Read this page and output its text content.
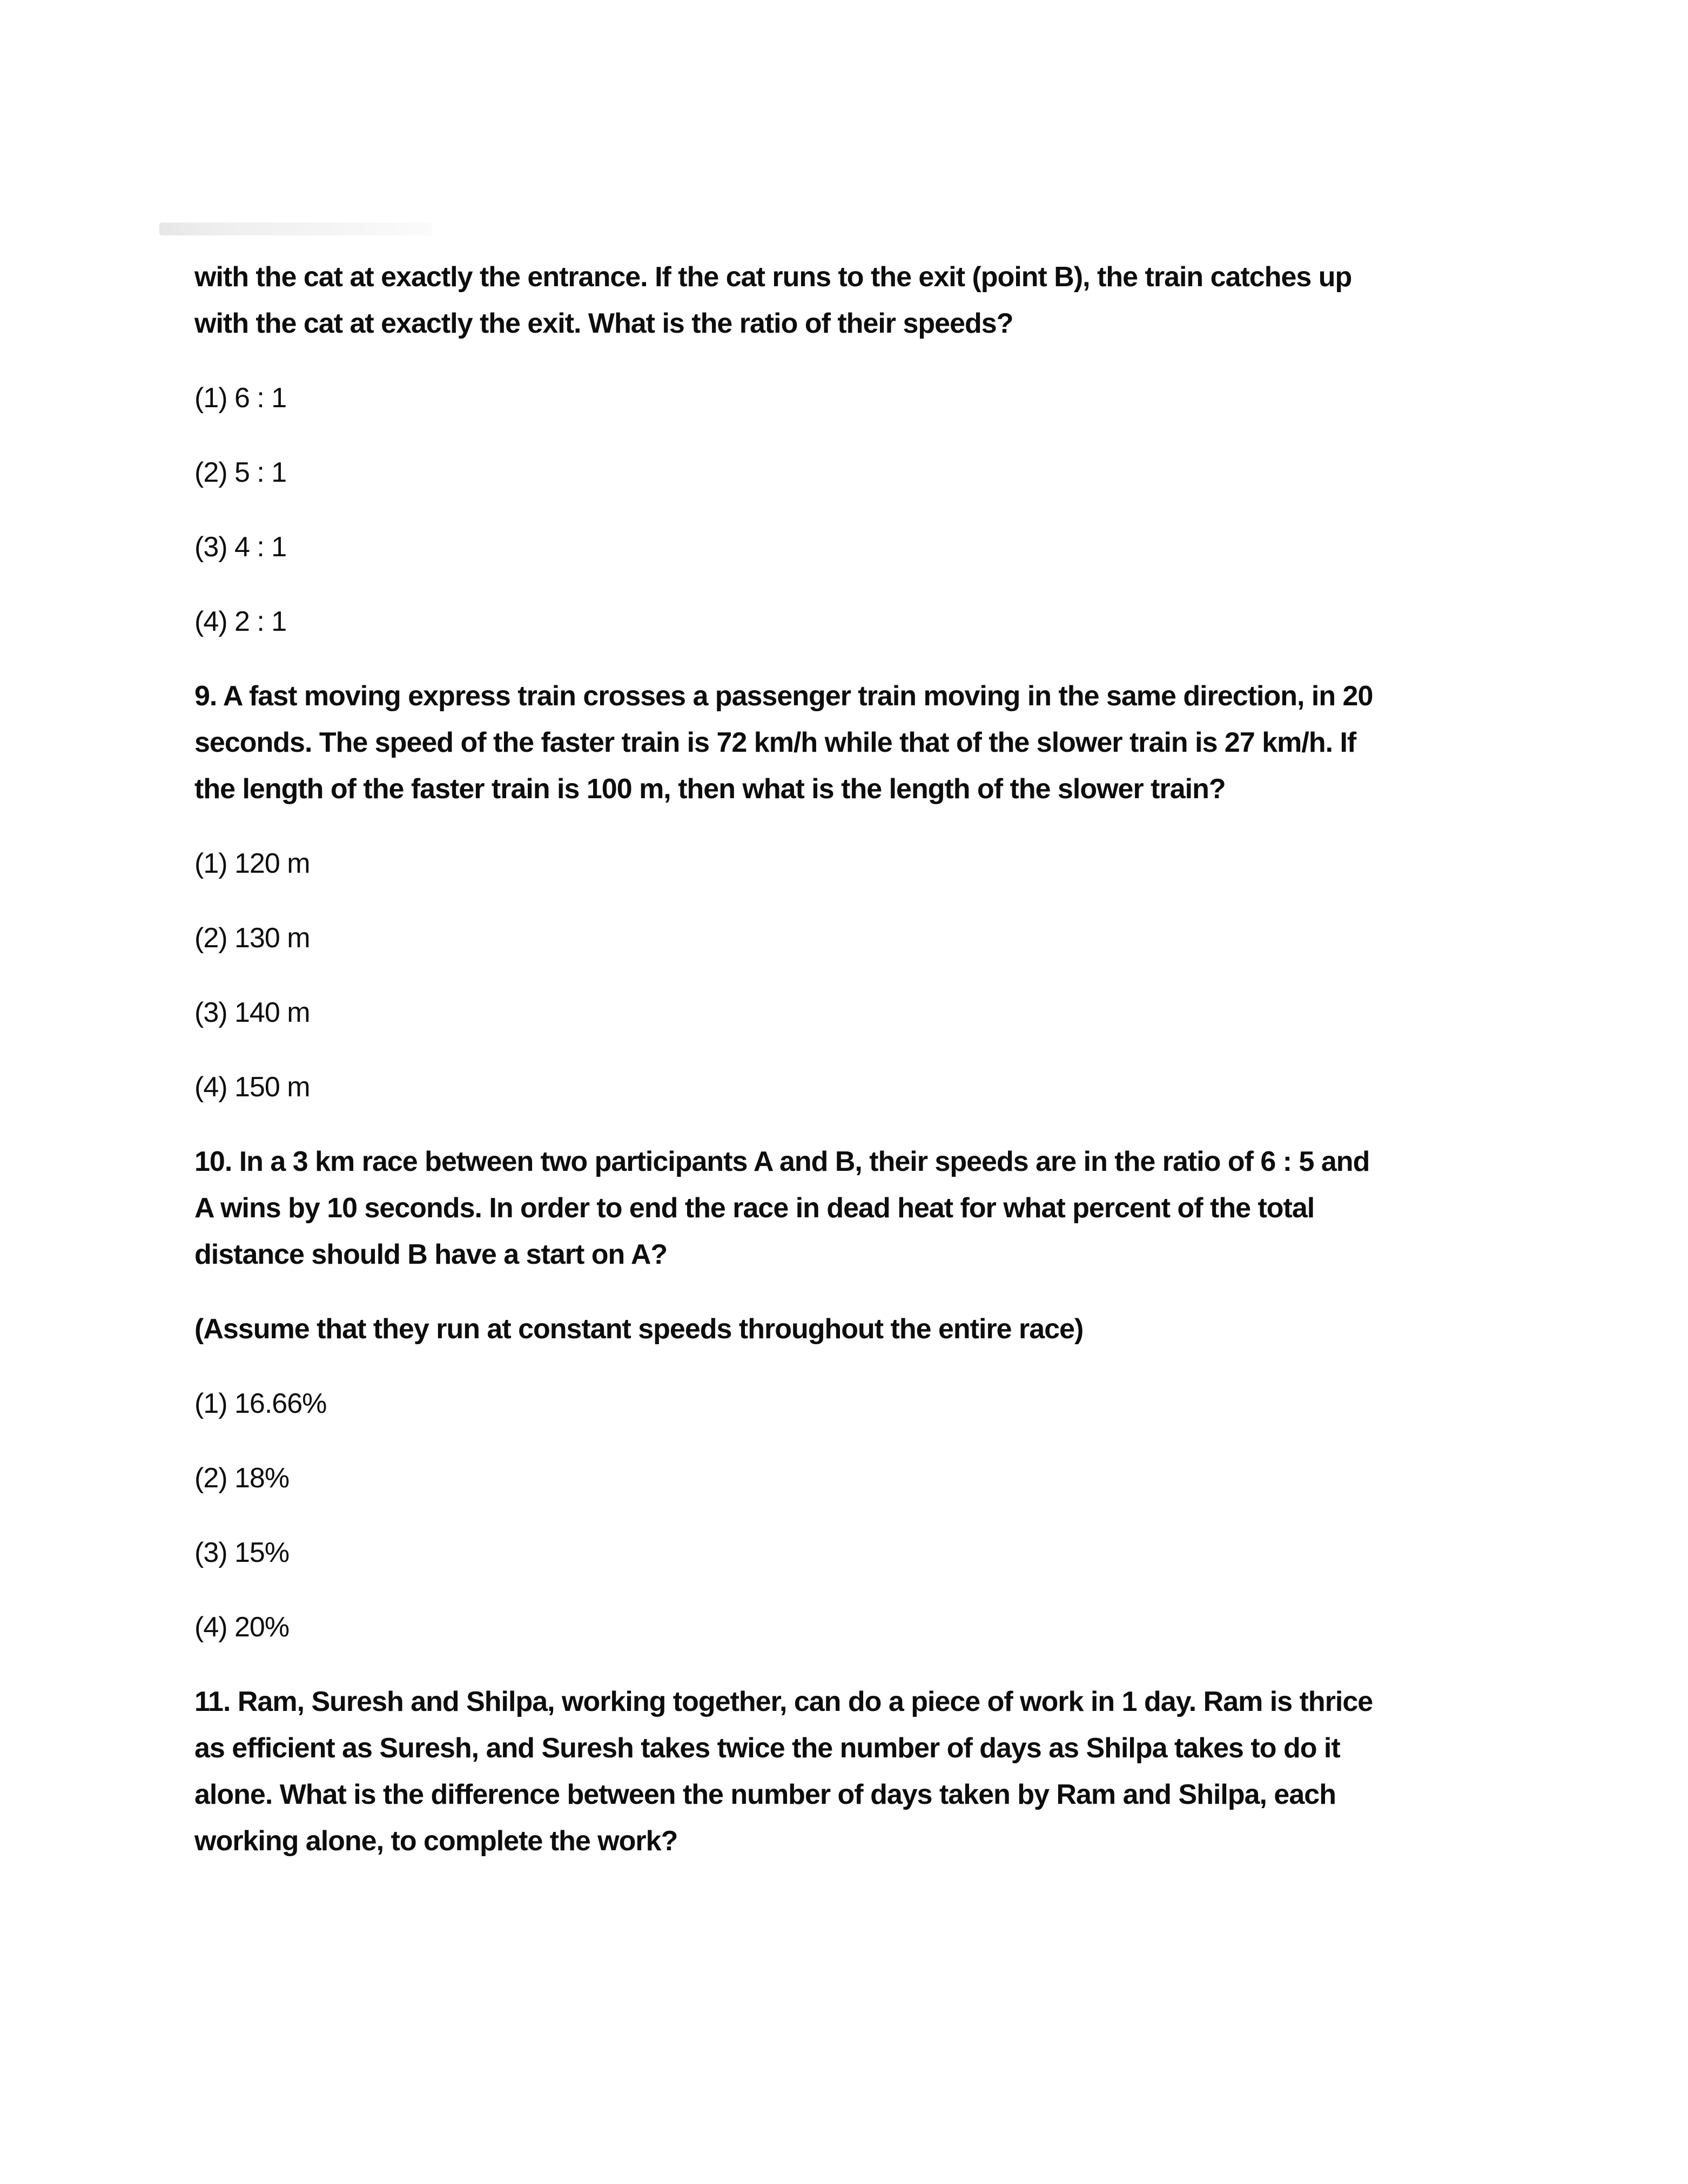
with the cat at exactly the entrance. If the cat runs to the exit (point B), the train catches up
with the cat at exactly the exit. What is the ratio of their speeds?

(1) 6 : 1

(2) 5 : 1

(3) 4 : 1

(4) 2 : 1

9. A fast moving express train crosses a passenger train moving in the same direction, in 20
seconds. The speed of the faster train is 72 km/h while that of the slower train is 27 km/h. If
the length of the faster train is 100 m, then what is the length of the slower train?

(1) 120 m

(2) 130 m

(3) 140 m

(4) 150 m

10. In a 3 km race between two participants A and B, their speeds are in the ratio of 6 : 5 and
A wins by 10 seconds. In order to end the race in dead heat for what percent of the total
distance should B have a start on A?

(Assume that they run at constant speeds throughout the entire race)

(1) 16.66%

(2) 18%

(3) 15%

(4) 20%

11. Ram, Suresh and Shilpa, working together, can do a piece of work in 1 day. Ram is thrice
as efficient as Suresh, and Suresh takes twice the number of days as Shilpa takes to do it
alone. What is the difference between the number of days taken by Ram and Shilpa, each
working alone, to complete the work?
